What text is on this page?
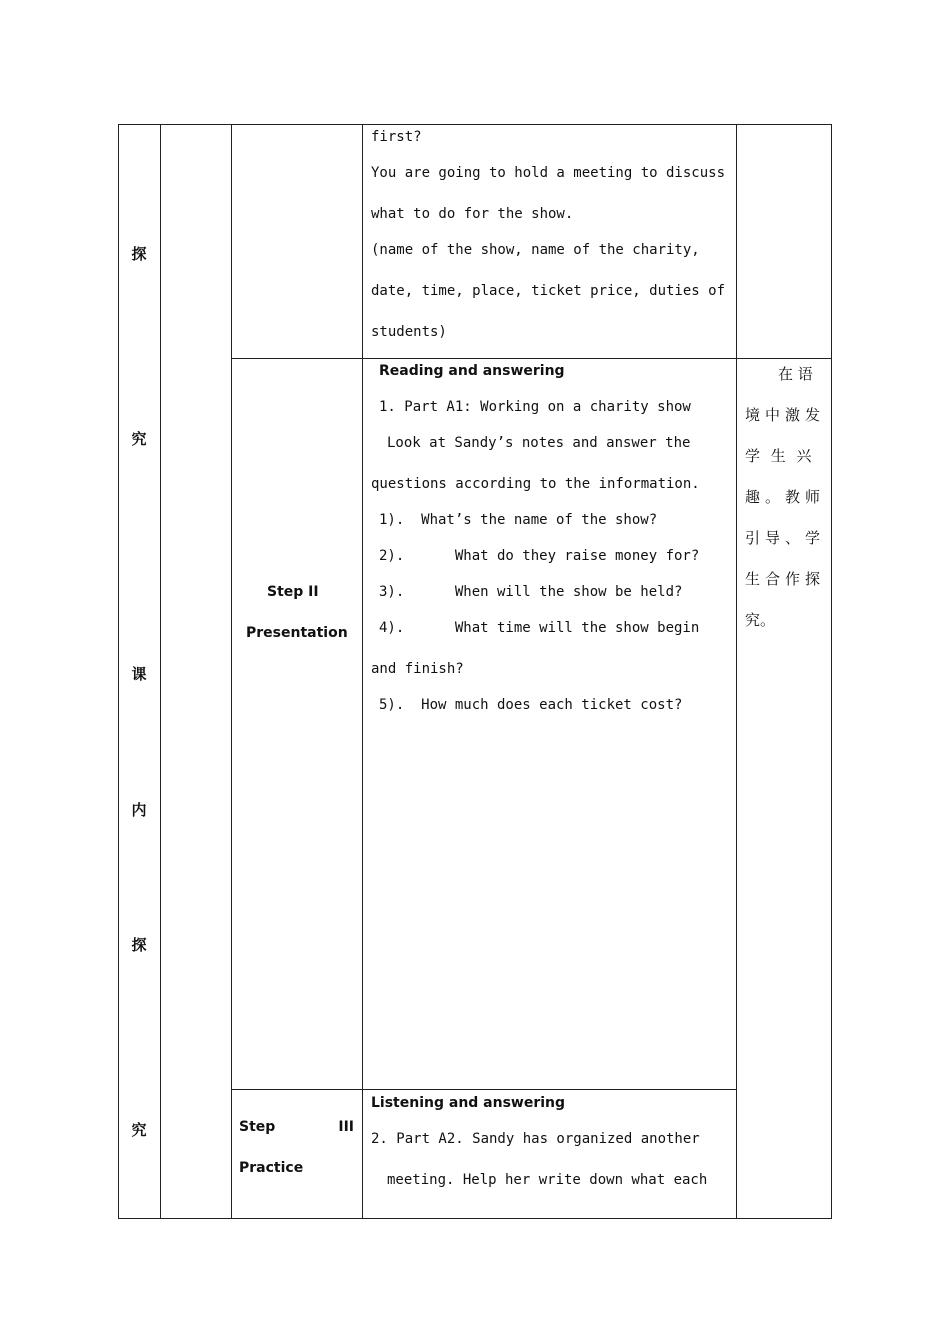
探
究
课
内
探
究
first?
You are going to hold a meeting to discuss
what to do for the show.
(name of the show, name of the charity,
date, time, place, ticket price, duties of
students)
Step II
Presentation
Reading and answering
1. Part A1: Working on a charity show
Look at Sandy’s notes and answer the
questions according to the information.
1).  What’s the name of the show?
2).      What do they raise money for?
3).      When will the show be held?
4).      What time will the show begin
and finish?
5).  How much does each ticket cost?
在 语
境中激发
学 生 兴
趣。教师
引导、学
生合作探
究。
Step	III
Practice
Listening and answering
2. Part A2. Sandy has organized another
meeting. Help her write down what each
